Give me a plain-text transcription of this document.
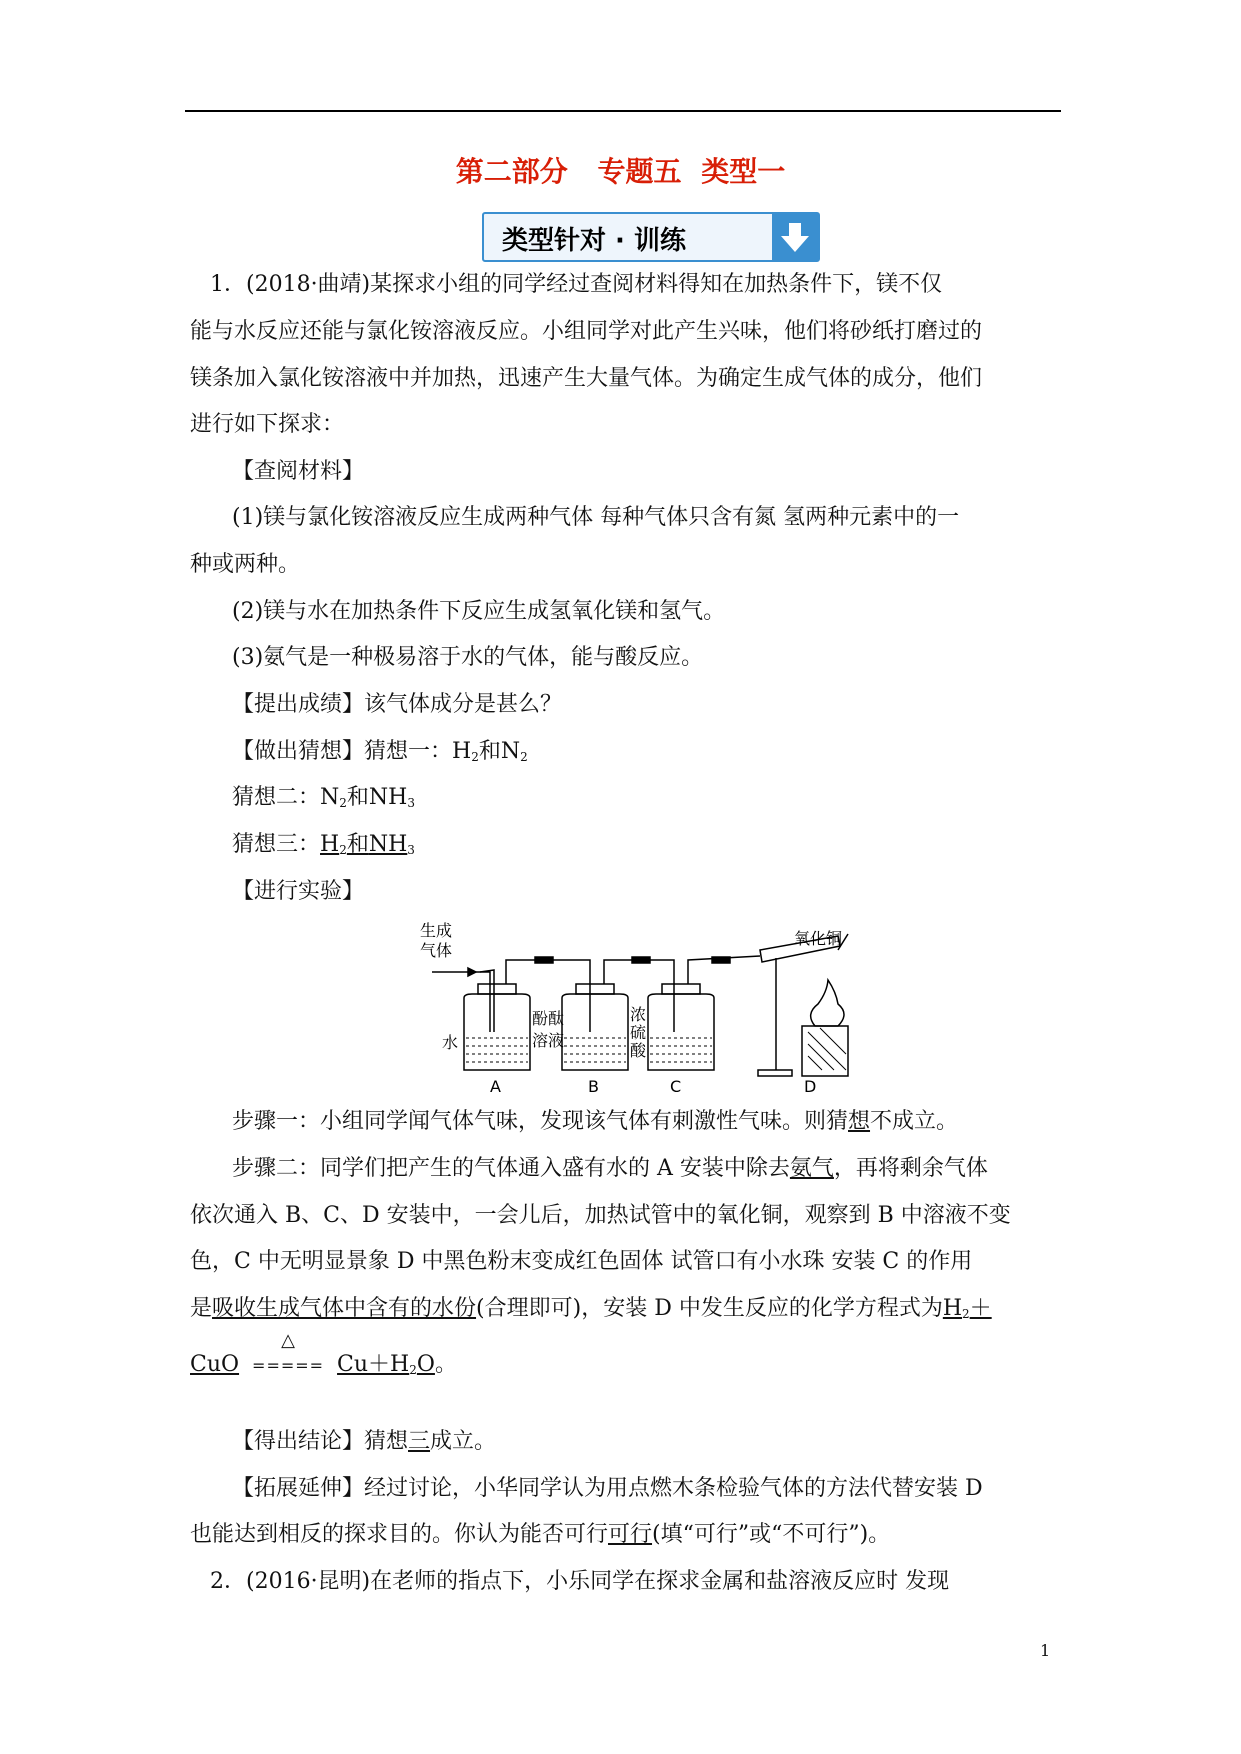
第二部分 专题五 类型一
类型针对 · 训练
1．(2018·曲靖)某探求小组的同学经过查阅材料得知在加热条件下，镁不仅
能与水反应还能与氯化铵溶液反应。小组同学对此产生兴味，他们将砂纸打磨过的
镁条加入氯化铵溶液中并加热，迅速产生大量气体。为确定生成气体的成分，他们
进行如下探求：
【查阅材料】
(1)镁与氯化铵溶液反应生成两种气体 每种气体只含有氮 氢两种元素中的一
种或两种。
(2)镁与水在加热条件下反应生成氢氧化镁和氢气。
(3)氨气是一种极易溶于水的气体，能与酸反应。
【提出成绩】该气体成分是甚么？
【做出猜想】猜想一：$H_2$和$N_2$
猜想二：$N_2$和$NH_3$
猜想三：$H_2$和$NH_3$
【进行实验】
生成
气体
氧化铜
水
酚 酞
溶 液
浓
硫
酸
A	B	C	D
步骤一：小组同学闻气体气味，发现该气体有刺激性气味。则猜想不成立。
步骤二：同学们把产生的气体通入盛有水的 A 安装中除去氨气，再将剩余气体
依次通入 B、C、D 安装中，一会儿后，加热试管中的氧化铜，观察到 B 中溶液不变
色，C 中无明显景象 D 中黑色粉末变成红色固体 试管口有小水珠 安装 C 的作用
是吸收生成气体中含有的水份(合理即可)，安装 D 中发生反应的化学方程式为$H_2+$
CuO
△
===== $Cu+H_2O$。
【得出结论】猜想三成立。
【拓展延伸】经过讨论，小华同学认为用点燃木条检验气体的方法代替安装 D
也能达到相反的探求目的。你认为能否可行可行(填“可行”或“不可行”)。
2．(2016·昆明)在老师的指点下，小乐同学在探求金属和盐溶液反应时 发现
1
